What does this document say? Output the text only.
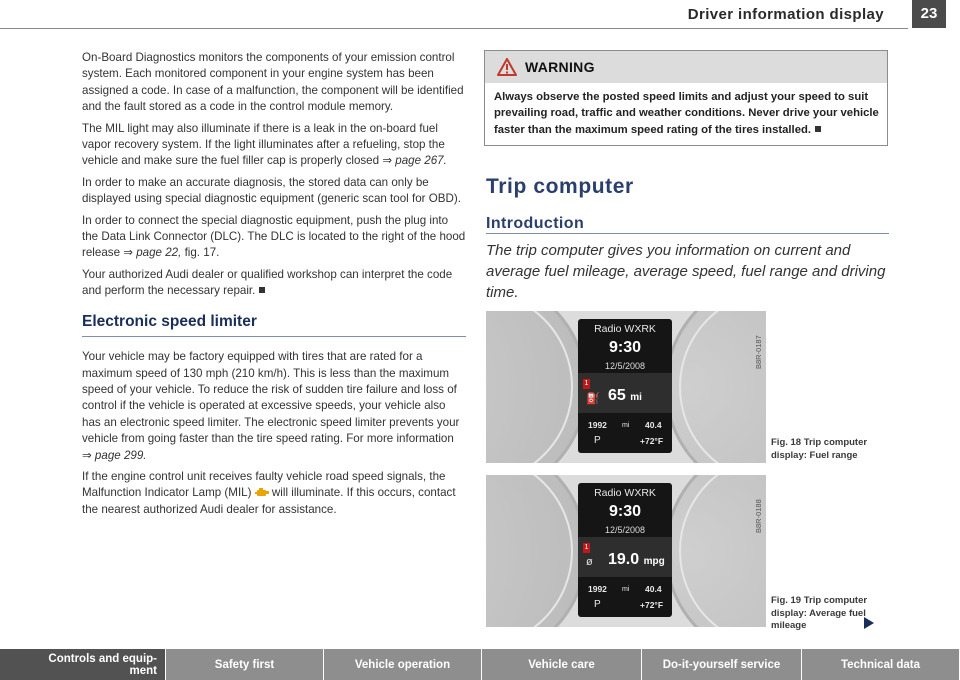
Driver information display	23

On-Board Diagnostics monitors the components of your emission control system. Each monitored component in your engine system has been assigned a code. In case of a malfunction, the component will be identified and the fault stored as a code in the control module memory.

The MIL light may also illuminate if there is a leak in the on-board fuel vapor recovery system. If the light illuminates after a refueling, stop the vehicle and make sure the fuel filler cap is properly closed ⇒ page 267.

In order to make an accurate diagnosis, the stored data can only be displayed using special diagnostic equipment (generic scan tool for OBD).

In order to connect the special diagnostic equipment, push the plug into the Data Link Connector (DLC). The DLC is located to the right of the hood release ⇒ page 22, fig. 17.

Your authorized Audi dealer or qualified workshop can interpret the code and perform the necessary repair.

Electronic speed limiter

Your vehicle may be factory equipped with tires that are rated for a maximum speed of 130 mph (210 km/h). This is less than the maximum speed of your vehicle. To reduce the risk of sudden tire failure and loss of control if the vehicle is operated at excessive speeds, your vehicle also has an electronic speed limiter. The electronic speed limiter prevents your vehicle from going faster than the tire speed rating. For more information ⇒ page 299.

If the engine control unit receives faulty vehicle road speed signals, the Malfunction Indicator Lamp (MIL)  will illuminate. If this occurs, contact the nearest authorized Audi dealer for assistance.

WARNING
Always observe the posted speed limits and adjust your speed to suit prevailing road, traffic and weather conditions. Never drive your vehicle faster than the maximum speed rating of the tires installed.
Trip computer
Introduction
The trip computer gives you information on current and average fuel mileage, average speed, fuel range and driving time.
Radio WXRK
9:30
12/5/2008
1
⛽ 65 mi
1992 mi 40.4
P	+72°F
B8R-0187
Fig. 18 Trip computer display: Fuel range
Radio WXRK
9:30
12/5/2008
1
ø 19.0 mpg
1992 mi 40.4
P	+72°F
B8R-0188
Fig. 19 Trip computer display: Average fuel mileage
Controls and equip-
ment	Safety first	Vehicle operation	Vehicle care	Do-it-yourself service	Technical data
